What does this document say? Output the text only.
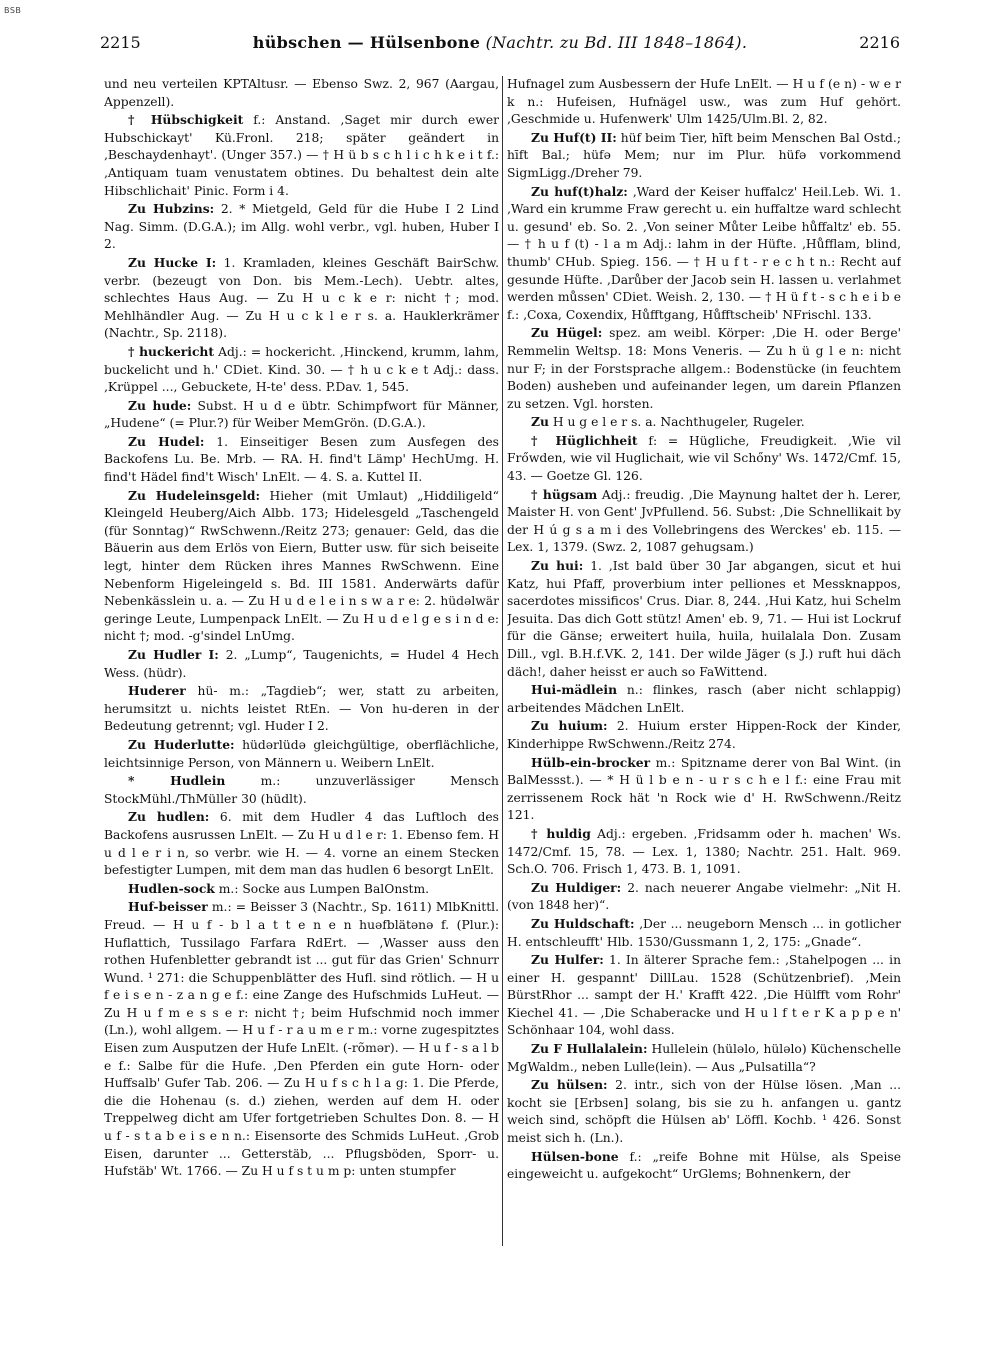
BSB
2215	hübschen — Hülsenbone (Nachtr. zu Bd. III 1848–1864).	2216

und neu verteilen KPTAltusr. — Ebenso Swz. 2, 967 (Aargau, Appenzell).

† Hübschigkeit f.: Anstand. ‚Saget mir durch ewer Hubschickayt' Kü.Fronl. 218; später geändert in ‚Beschaydenhayt'. (Unger 357.) — † H ü b s c h l i c h k e i t f.: ‚Antiquam tuam venustatem obtines. Du behaltest dein alte Hibschlichait' Pinic. Form i 4.

Zu Hubzins: 2. * Mietgeld, Geld für die Hube I 2 Lind Nag. Simm. (D.G.A.); im Allg. wohl verbr., vgl. huben, Huber I 2.

Zu Hucke I: 1. Kramladen, kleines Geschäft BairSchw. verbr. (bezeugt von Don. bis Mem.-Lech). Uebtr. altes, schlechtes Haus Aug. — Zu H u c k e r: nicht †; mod. Mehlhändler Aug. — Zu H u c k l e r s. a. Hauklerkrämer (Nachtr., Sp. 2118).

† huckericht Adj.: = hockericht. ‚Hinckend, krumm, lahm, buckelicht und h.' CDiet. Kind. 30. — † h u c k e t Adj.: dass. ‚Krüppel ..., Gebuckete, H-te' dess. P.Dav. 1, 545.

Zu hude: Subst. H u d e übtr. Schimpfwort für Männer, „Hudene“ (= Plur.?) für Weiber MemGrön. (D.G.A.).

Zu Hudel: 1. Einseitiger Besen zum Ausfegen des Backofens Lu. Be. Mrb. — RA. H. find't Lämp' HechUmg. H. find't Hädel find't Wisch' LnElt. — 4. S. a. Kuttel II.

Zu Hudeleinsgeld: Hieher (mit Umlaut) „Hiddiligeld“ Kleingeld Heuberg/Aich Albb. 173; Hidelesgeld „Taschengeld (für Sonntag)“ RwSchwenn./Reitz 273; genauer: Geld, das die Bäuerin aus dem Erlös von Eiern, Butter usw. für sich beiseite legt, hinter dem Rücken ihres Mannes RwSchwenn. Eine Nebenform Higeleingeld s. Bd. III 1581. Anderwärts dafür Nebenkässlein u. a. — Zu H u d e l e i n s w a r e: 2. hüdəlwär geringe Leute, Lumpenpack LnElt. — Zu H u d e l g e s i n d e: nicht †; mod. -g'sindel LnUmg.

Zu Hudler I: 2. „Lump“, Taugenichts, = Hudel 4 Hech Wess. (hüdr).

Huderer hü- m.: „Tagdieb“; wer, statt zu arbeiten, herumsitzt u. nichts leistet RtEn. — Von hu-deren in der Bedeutung getrennt; vgl. Huder I 2.

Zu Huderlutte: hüdərlüdə gleichgültige, oberflächliche, leichtsinnige Person, von Männern u. Weibern LnElt.

* Hudlein	m.: unzuverlässiger Mensch StockMühl./ThMüller 30 (hüdlt).

Zu hudlen: 6. mit dem Hudler 4 das Luftloch des Backofens ausrussen LnElt. — Zu H u d l e r: 1. Ebenso fem. H u d l e r i n, so verbr. wie H. — 4. vorne an einem Stecken befestigter Lumpen, mit dem man das hudlen 6 besorgt LnElt.

Hudlen-sock m.: Socke aus Lumpen BalOnstm.

Huf-beisser m.: = Beisser 3 (Nachtr., Sp. 1611) MlbKnittl. Freud. — H u f - b l a t t e n e n huəfblätənə f. (Plur.): Huflattich, Tussilago Farfara RdErt. — ‚Wasser auss den rothen Hufenbletter gebrandt ist ... gut für das Grien' Schnurr Wund. ¹ 271: die Schuppenblätter des Hufl. sind rötlich. — H u f e i s e n - z a n g e f.: eine Zange des Hufschmids LuHeut. — Zu H u f m e s s e r: nicht †; beim Hufschmid noch immer (Ln.), wohl allgem. — H u f - r a u m e r m.: vorne zugespitztes Eisen zum Ausputzen der Hufe LnElt. (-rõmər). — H u f - s a l b e f.: Salbe für die Hufe. ‚Den Pferden ein gute Horn- oder Huffsalb' Gufer Tab. 206. — Zu H u f s c h l a g: 1. Die Pferde, die die Hohenau (s. d.) ziehen, werden auf dem H. oder Treppelweg dicht am Ufer fortgetrieben Schultes Don. 8. — H u f - s t a b e i s e n n.: Eisensorte des Schmids LuHeut. ‚Grob Eisen, darunter ... Getterstäb, ... Pflugsböden, Sporr- u. Hufstäb' Wt. 1766. — Zu H u f s t u m p: unten stumpfer

Hufnagel zum Ausbessern der Hufe LnElt. — H u f (e n) - w e r k n.: Hufeisen, Hufnägel usw., was zum Huf gehört. ‚Geschmide u. Hufenwerk' Ulm 1425/Ulm.Bl. 2, 82.

Zu Huf(t) II: hüf beim Tier, hīft beim Menschen Bal Ostd.; hīft Bal.; hüfə Mem; nur im Plur. hüfə vorkommend SigmLigg./Dreher 79.

Zu huf(t)halz: ‚Ward der Keiser huffalcz' Heil.Leb. Wi. 1. ‚Ward ein krumme Fraw gerecht u. ein huffaltze ward schlecht u. gesund' eb. So. 2. ‚Von seiner Můter Leibe hůffaltz' eb. 55. — † h u f (t) - l a m Adj.: lahm in der Hüfte. ‚Hůfflam, blind, thumb' CHub. Spieg. 156. — † H u f t - r e c h t n.: Recht auf gesunde Hüfte. ‚Darůber der Jacob sein H. lassen u. verlahmet werden můssen' CDiet. Weish. 2, 130. — † H ü f t - s c h e i b e f.: ‚Coxa, Coxendix, Hůfftgang, Hůfftscheib' NFrischl. 133.

Zu Hügel: spez. am weibl. Körper: ‚Die H. oder Berge' Remmelin Weltsp. 18: Mons Veneris. — Zu h ü g l e n: nicht nur F; in der Forstsprache allgem.: Bodenstücke (in feuchtem Boden) ausheben und aufeinander legen, um darein Pflanzen zu setzen. Vgl. horsten.

Zu H u g e l e r s. a. Nachthugeler, Rugeler.

† Hüglichheit f: = Hügliche, Freudigkeit. ‚Wie vil Frőwden, wie vil Huglichait, wie vil Schőny' Ws. 1472/Cmf. 15, 43. — Goetze Gl. 126.

† hügsam Adj.: freudig. ‚Die Maynung haltet der h. Lerer, Maister H. von Gent' JvPfullend. 56. Subst: ‚Die Schnellikait by der H ú g s a m i des Vollebringens des Werckes' eb. 115. — Lex. 1, 1379. (Swz. 2, 1087 gehugsam.)

Zu hui: 1. ‚Ist bald über 30 Jar abgangen, sicut et hui Katz, hui Pfaff, proverbium inter pelliones et Messknappos, sacerdotes missificos' Crus. Diar. 8, 244. ‚Hui Katz, hui Schelm Jesuita. Das dich Gott stütz! Amen' eb. 9, 71. — Hui ist Lockruf für die Gänse; erweitert huila, huila, huilalala Don. Zusam Dill., vgl. B.H.f.VK. 2, 141. Der wilde Jäger (s J.) ruft hui däch däch!, daher heisst er auch so FaWittend.

Hui-mädlein n.: flinkes, rasch (aber nicht schlappig) arbeitendes Mädchen LnElt.

Zu huium: 2. Huium erster Hippen-Rock der Kinder, Kinderhippe RwSchwenn./Reitz 274.

Hülb-ein-brocker m.: Spitzname derer von Bal Wint. (in BalMessst.). — * H ü l b e n - u r s c h e l f.: eine Frau mit zerrissenem Rock hät 'n Rock wie d' H. RwSchwenn./Reitz 121.

† huldig Adj.: ergeben. ‚Fridsamm oder h. machen' Ws. 1472/Cmf. 15, 78. — Lex. 1, 1380; Nachtr. 251. Halt. 969. Sch.O. 706. Frisch 1, 473. B. 1, 1091.

Zu Huldiger: 2. nach neuerer Angabe vielmehr: „Nit H. (von 1848 her)“.

Zu Huldschaft: ‚Der ... neugeborn Mensch ... in gotlicher H. entschleufft' Hlb. 1530/Gussmann 1, 2, 175: „Gnade“.

Zu Hulfer: 1. In älterer Sprache fem.: ‚Stahelpogen ... in einer H. gespannt' DillLau. 1528 (Schützenbrief). ‚Mein BürstRhor ... sampt der H.' Krafft 422. ‚Die Hülfft vom Rohr' Kiechel 41. — ‚Die Schaberacke und H u l f t e r K a p p e n' Schönhaar 104, wohl dass.

Zu F Hullalalein: Hullelein (hüləlo, hüləlo) Küchenschelle MgWaldm., neben Lulle(lein). — Aus „Pulsatilla“?

Zu hülsen: 2. intr., sich von der Hülse lösen. ‚Man ... kocht sie [Erbsen] solang, bis sie zu h. anfangen u. gantz weich sind, schöpft die Hülsen ab' Löffl. Kochb. ¹ 426. Sonst meist sich h. (Ln.).

Hülsen-bone f.: „reife Bohne mit Hülse, als Speise eingeweicht u. aufgekocht“ UrGlems; Bohnenkern, der
